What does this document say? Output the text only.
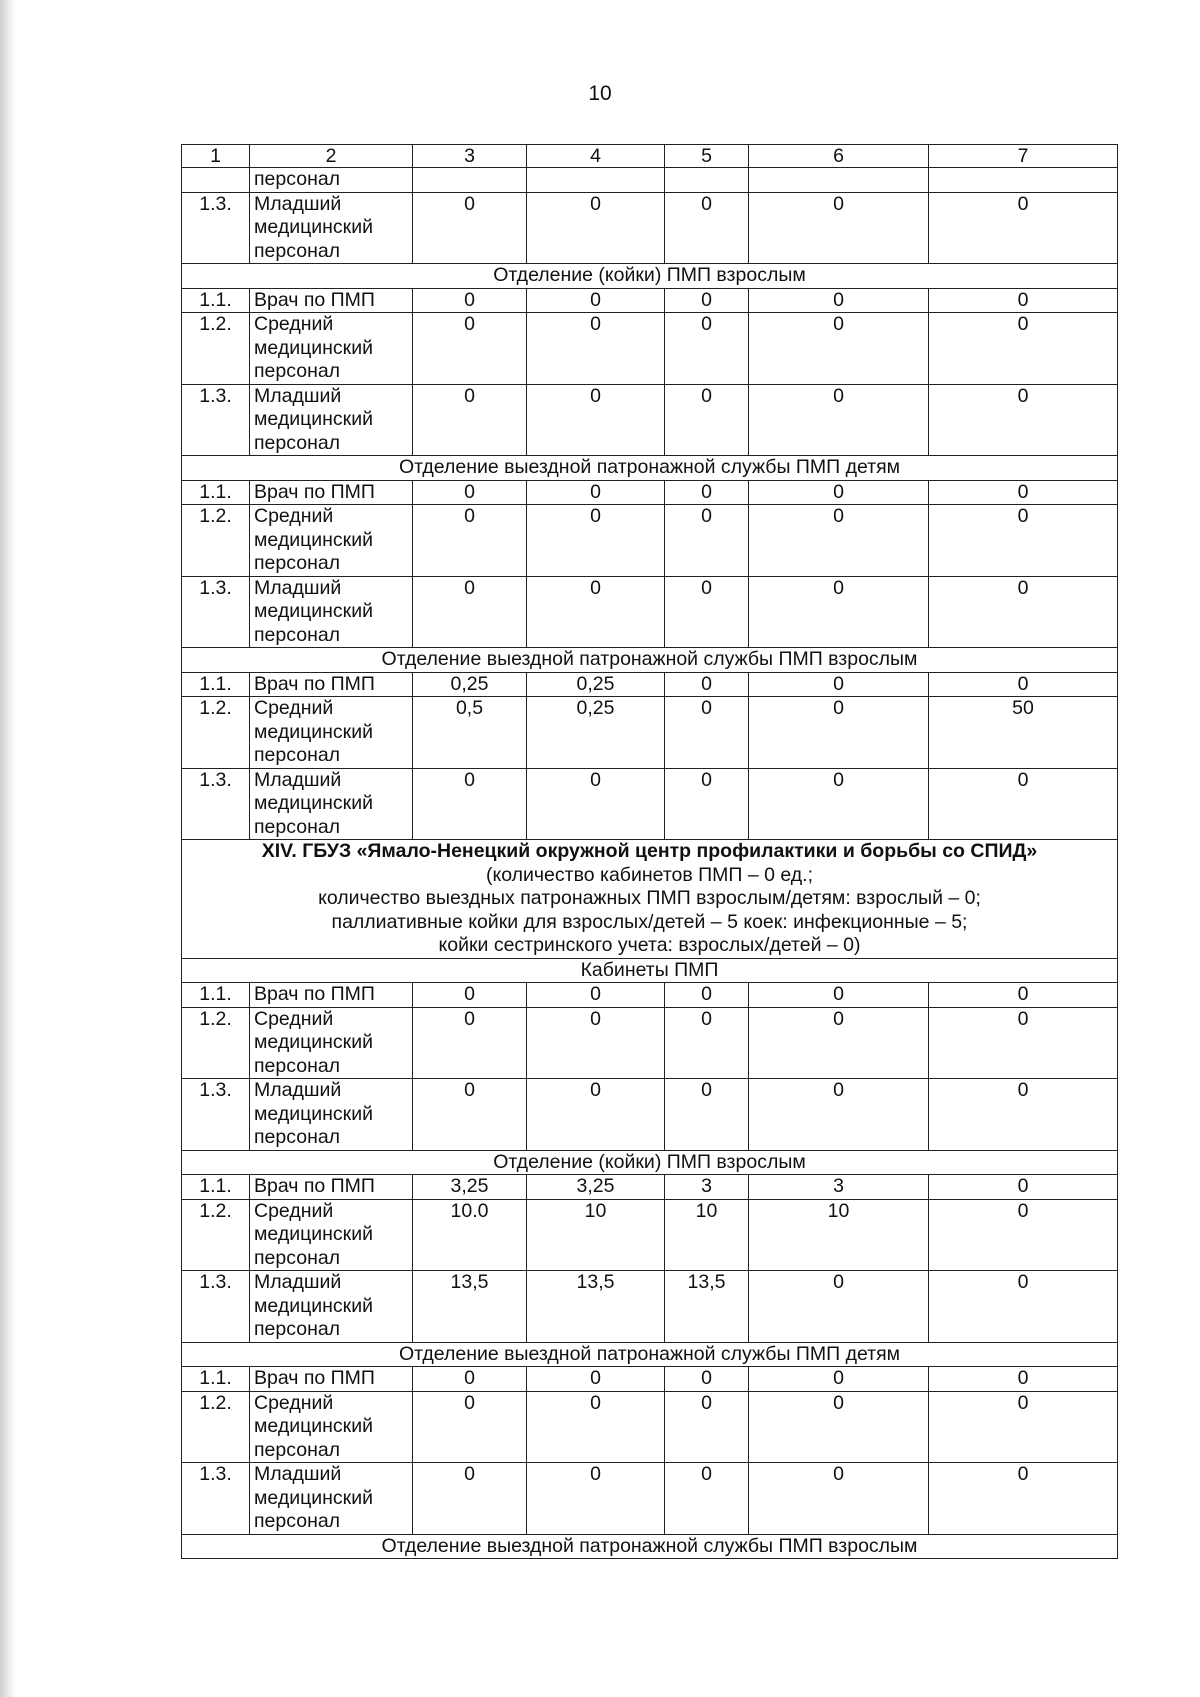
10
1	2	3	4	5	6	7
	персонал					
1.3.	Младший
медицинский
персонал	0	0	0	0	0
Отделение (койки) ПМП взрослым						
1.1.	Врач по ПМП	0	0	0	0	0
1.2.	Средний
медицинский
персонал	0	0	0	0	0
1.3.	Младший
медицинский
персонал	0	0	0	0	0
Отделение выездной патронажной службы ПМП детям						
1.1.	Врач по ПМП	0	0	0	0	0
1.2.	Средний
медицинский
персонал	0	0	0	0	0
1.3.	Младший
медицинский
персонал	0	0	0	0	0
Отделение выездной патронажной службы ПМП взрослым						
1.1.	Врач по ПМП	0,25	0,25	0	0	0
1.2.	Средний
медицинский
персонал	0,5	0,25	0	0	50
1.3.	Младший
медицинский
персонал	0	0	0	0	0
XIV. ГБУЗ «Ямало-Ненецкий окружной центр профилактики и борьбы со СПИД»
(количество кабинетов ПМП – 0 ед.;
количество выездных патронажных ПМП взрослым/детям: взрослый – 0;
паллиативные койки для взрослых/детей – 5 коек: инфекционные – 5;
койки сестринского учета: взрослых/детей – 0)						
Кабинеты ПМП						
1.1.	Врач по ПМП	0	0	0	0	0
1.2.	Средний
медицинский
персонал	0	0	0	0	0
1.3.	Младший
медицинский
персонал	0	0	0	0	0
Отделение (койки) ПМП взрослым						
1.1.	Врач по ПМП	3,25	3,25	3	3	0
1.2.	Средний
медицинский
персонал	10.0	10	10	10	0
1.3.	Младший
медицинский
персонал	13,5	13,5	13,5	0	0
Отделение выездной патронажной службы ПМП детям						
1.1.	Врач по ПМП	0	0	0	0	0
1.2.	Средний
медицинский
персонал	0	0	0	0	0
1.3.	Младший
медицинский
персонал	0	0	0	0	0
Отделение выездной патронажной службы ПМП взрослым						
